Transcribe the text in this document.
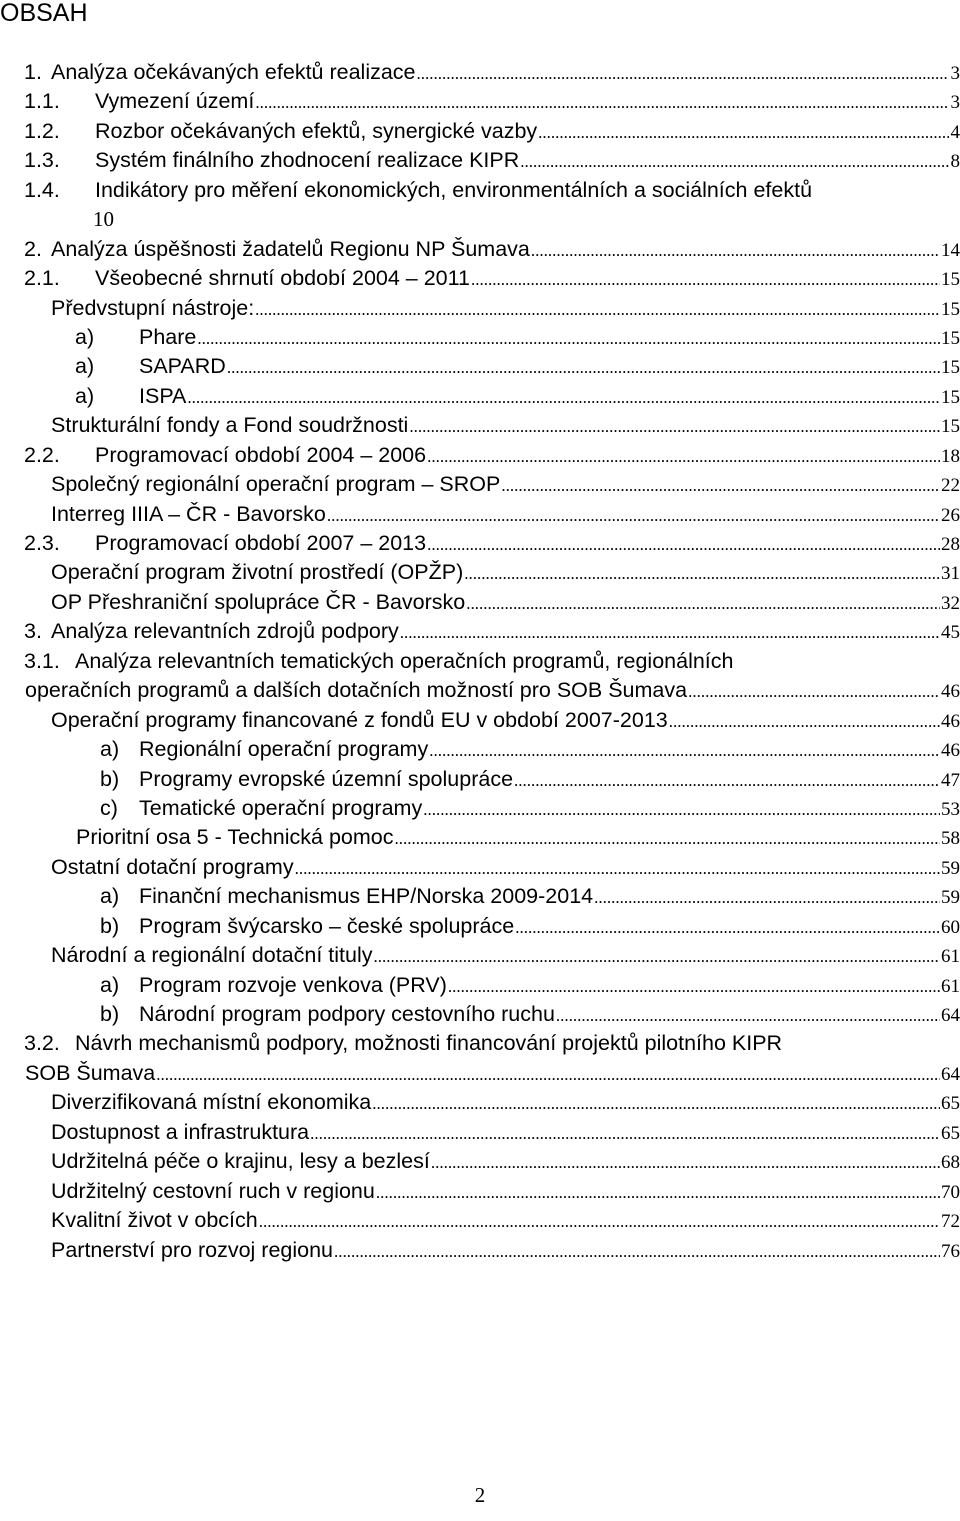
OBSAH
1. Analýza očekávaných efektů realizace .....	3
1.1. Vymezení území .....	3
1.2. Rozbor očekávaných efektů, synergické vazby .....	4
1.3. Systém finálního zhodnocení realizace KIPR .....	8
1.4. Indikátory pro měření ekonomických, environmentálních a sociálních efektů
10
2. Analýza úspěšnosti žadatelů Regionu NP Šumava .....	14
2.1. Všeobecné shrnutí období 2004 – 2011 .....	15
Předvstupní nástroje: .....	15
a) Phare .....	15
a) SAPARD .....	15
a) ISPA .....	15
Strukturální fondy a Fond soudržnosti .....	15
2.2. Programovací období 2004 – 2006 .....	18
Společný regionální operační program – SROP .....	22
Interreg IIIA – ČR - Bavorsko .....	26
2.3. Programovací období 2007 – 2013 .....	28
Operační program životní prostředí (OPŽP) .....	31
OP Přeshraniční spolupráce ČR - Bavorsko .....	32
3. Analýza relevantních zdrojů podpory .....	45
3.1. Analýza relevantních tematických operačních programů, regionálních
operačních programů a dalších dotačních možností pro SOB Šumava .....	46
Operační programy financované z fondů EU v období 2007-2013 .....	46
a) Regionální operační programy .....	46
b) Programy evropské územní spolupráce .....	47
c) Tematické operační programy .....	53
Prioritní osa 5 - Technická pomoc .....	58
Ostatní dotační programy .....	59
a) Finanční mechanismus EHP/Norska 2009-2014 .....	59
b) Program švýcarsko – české spolupráce .....	60
Národní a regionální dotační tituly .....	61
a) Program rozvoje venkova (PRV) .....	61
b) Národní program podpory cestovního ruchu .....	64
3.2. Návrh mechanismů podpory, možnosti financování projektů pilotního KIPR
SOB Šumava .....	64
Diverzifikovaná místní ekonomika .....	65
Dostupnost a infrastruktura .....	65
Udržitelná péče o krajinu, lesy a bezlesí .....	68
Udržitelný cestovní ruch v regionu .....	70
Kvalitní život v obcích .....	72
Partnerství pro rozvoj regionu .....	76
2
